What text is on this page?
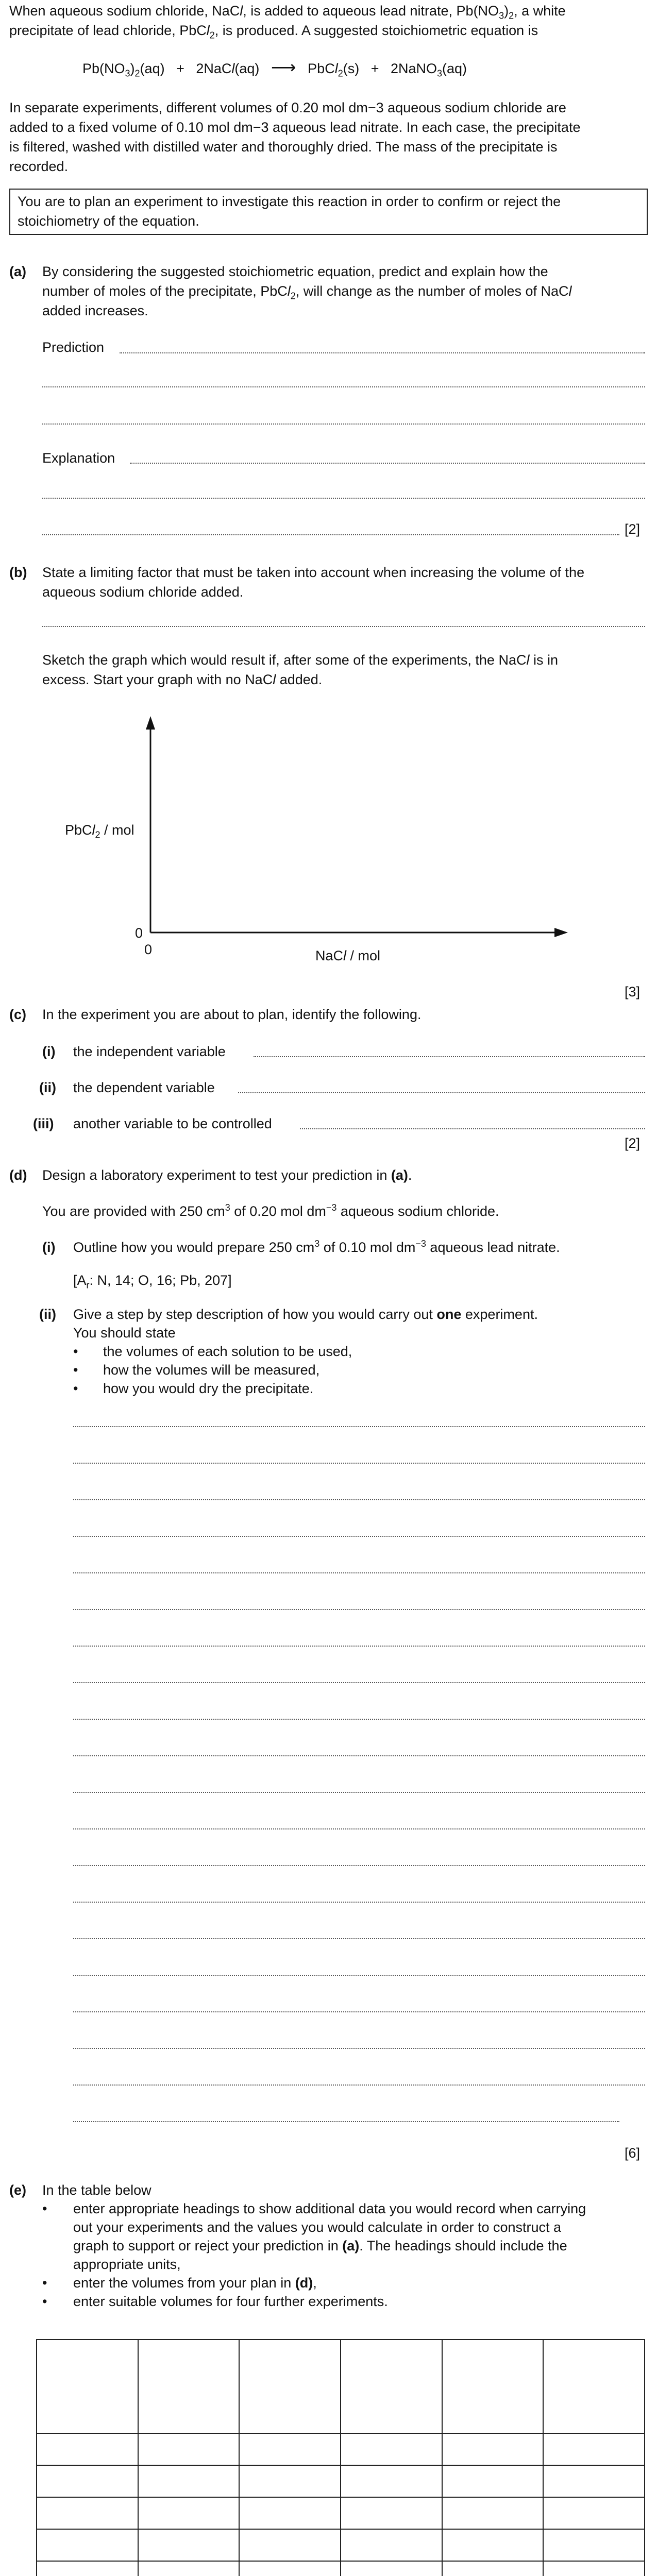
When aqueous sodium chloride, NaCl, is added to aqueous lead nitrate, $Pb(NO_3)_2$, a white
precipitate of lead chloride, PbCl$_2$, is produced. A suggested stoichiometric equation is
$Pb(NO_3)_2(aq)$   +   2NaCl(aq)   ⟶   PbCl$_2$(s)   +   2NaNO$_3$(aq)
In separate experiments, different volumes of 0.20 mol dm−3 aqueous sodium chloride are
added to a fixed volume of 0.10 mol dm−3 aqueous lead nitrate. In each case, the precipitate
is filtered, washed with distilled water and thoroughly dried. The mass of the precipitate is
recorded.
You are to plan an experiment to investigate this reaction in order to confirm or reject the
stoichiometry of the equation.
(a) By considering the suggested stoichiometric equation, predict and explain how the
number of moles of the precipitate, PbCl$_2$, will change as the number of moles of NaCl
added increases.
Prediction
Explanation
[2]
(b) State a limiting factor that must be taken into account when increasing the volume of the
aqueous sodium chloride added.
Sketch the graph which would result if, after some of the experiments, the NaCl is in
excess. Start your graph with no NaCl added.
PbCl$_2$ / mol
0
0	NaCl / mol
[3]
(c) In the experiment you are about to plan, identify the following.
(i) the independent variable
(ii) the dependent variable
(iii) another variable to be controlled
[2]
(d) Design a laboratory experiment to test your prediction in (a).
You are provided with 250 $cm^3$ of 0.20 mol $dm^{-3}$ aqueous sodium chloride.
(i) Outline how you would prepare 250 $cm^3$ of 0.10 mol $dm^{-3}$ aqueous lead nitrate.
[$A_r$: N, 14; O, 16; Pb, 207]
(ii) Give a step by step description of how you would carry out one experiment.
You should state
• the volumes of each solution to be used,
• how the volumes will be measured,
• how you would dry the precipitate.
[6]
(e) In the table below
• enter appropriate headings to show additional data you would record when carrying
out your experiments and the values you would calculate in order to construct a
graph to support or reject your prediction in (a). The headings should include the
appropriate units,
• enter the volumes from your plan in (d),
• enter suitable volumes for four further experiments.
